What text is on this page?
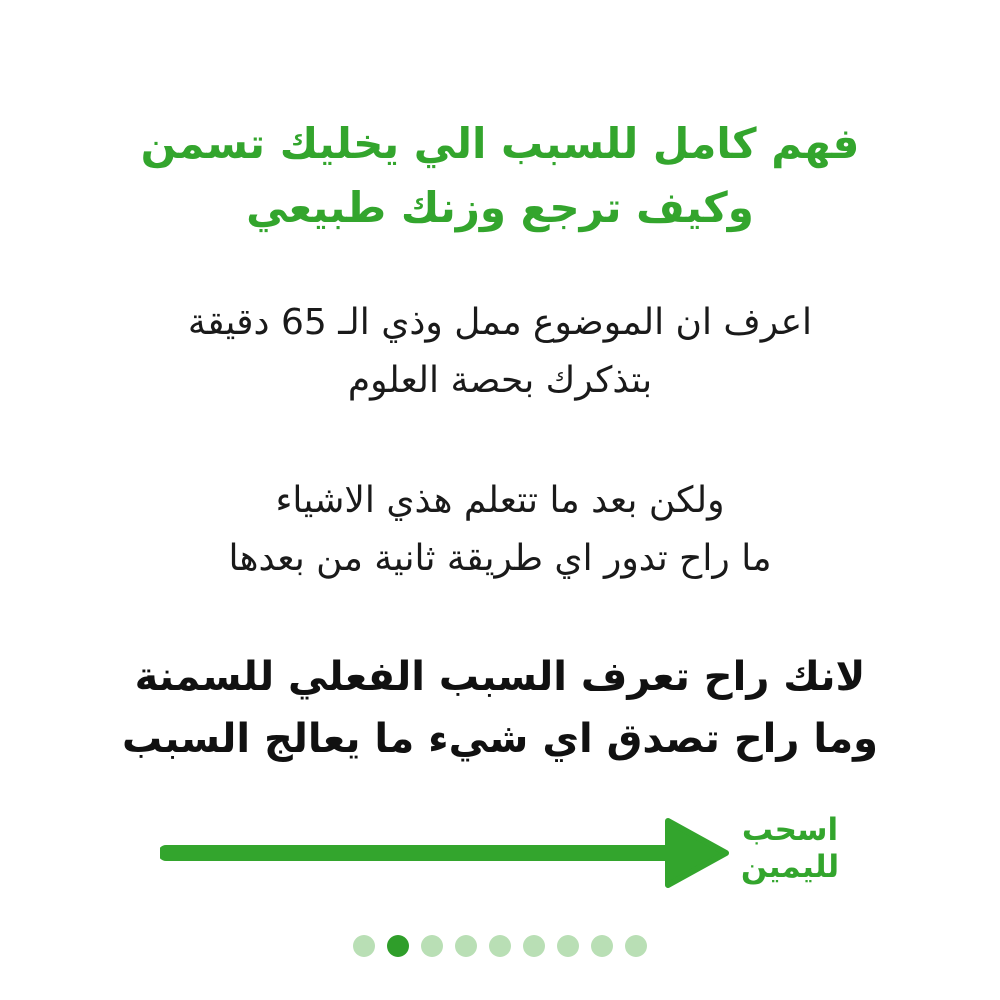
فهم كامل للسبب الي يخليك تسمن
وكيف ترجع وزنك طبيعي

اعرف ان الموضوع ممل وذي الـ 65 دقيقة
بتذكرك بحصة العلوم

ولكن بعد ما تتعلم هذي الاشياء
ما راح تدور اي طريقة ثانية من بعدها

لانك راح تعرف السبب الفعلي للسمنة
وما راح تصدق اي شيء ما يعالج السبب

اسحب
لليمين
